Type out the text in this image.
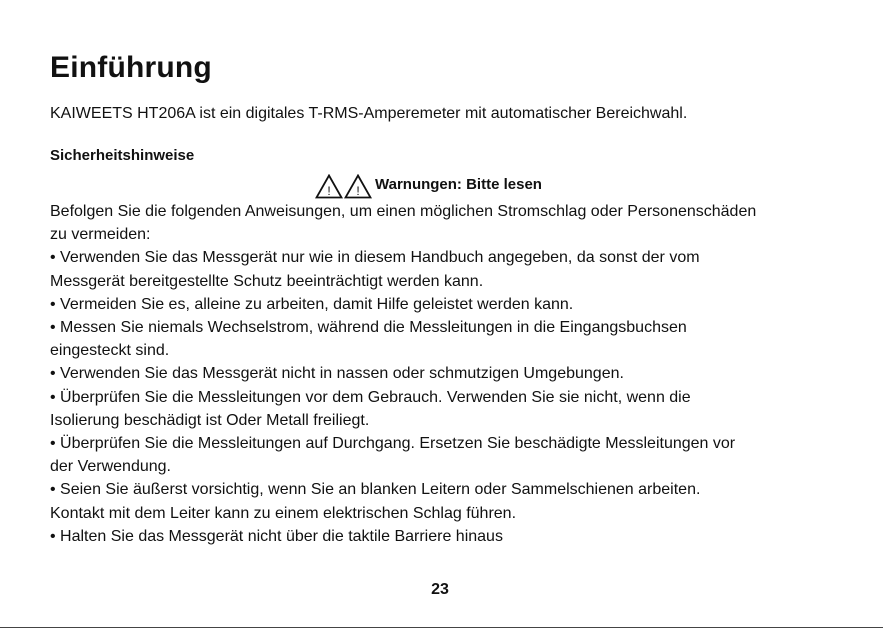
Einführung
KAIWEETS HT206A ist ein digitales T-RMS-Amperemeter mit automatischer Bereichwahl.
Sicherheitshinweise
! ! Warnungen: Bitte lesen
Befolgen Sie die folgenden Anweisungen, um einen möglichen Stromschlag oder Personenschäden
zu vermeiden:
• Verwenden Sie das Messgerät nur wie in diesem Handbuch angegeben, da sonst der vom
Messgerät bereitgestellte Schutz beeinträchtigt werden kann.
• Vermeiden Sie es, alleine zu arbeiten, damit Hilfe geleistet werden kann.
• Messen Sie niemals Wechselstrom, während die Messleitungen in die Eingangsbuchsen
eingesteckt sind.
• Verwenden Sie das Messgerät nicht in nassen oder schmutzigen Umgebungen.
• Überprüfen Sie die Messleitungen vor dem Gebrauch. Verwenden Sie sie nicht, wenn die
Isolierung beschädigt ist Oder Metall freiliegt.
• Überprüfen Sie die Messleitungen auf Durchgang. Ersetzen Sie beschädigte Messleitungen vor
der Verwendung.
• Seien Sie äußerst vorsichtig, wenn Sie an blanken Leitern oder Sammelschienen arbeiten.
Kontakt mit dem Leiter kann zu einem elektrischen Schlag führen.
• Halten Sie das Messgerät nicht über die taktile Barriere hinaus
23
